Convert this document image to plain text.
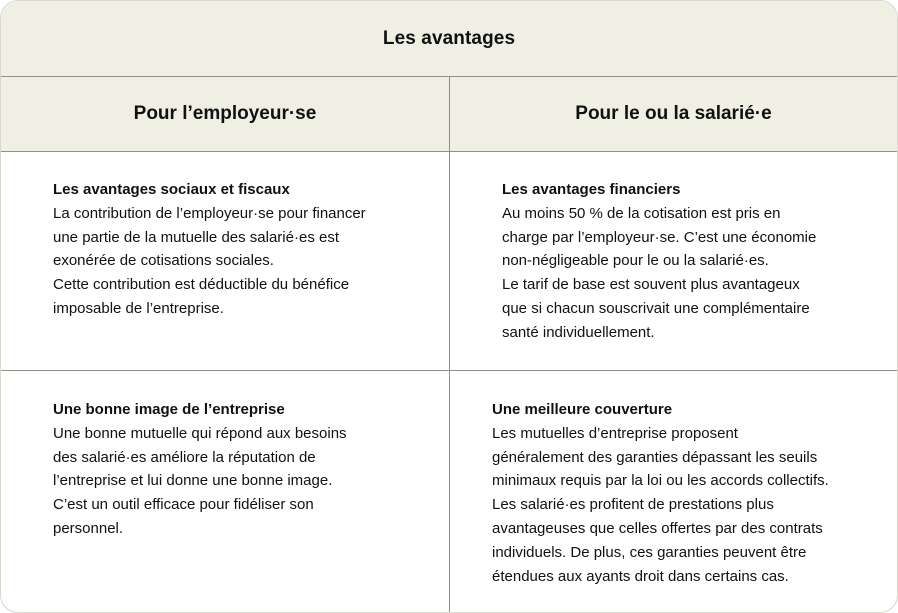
Les avantages
Pour l’employeur·se	Pour le ou la salarié·e
Les avantages sociaux et fiscaux
La contribution de l’employeur·se pour financer
une partie de la mutuelle des salarié·es est
exonérée de cotisations sociales.
Cette contribution est déductible du bénéfice
imposable de l’entreprise.
Les avantages financiers
Au moins 50 % de la cotisation est pris en
charge par l’employeur·se. C’est une économie
non-négligeable pour le ou la salarié·es.
Le tarif de base est souvent plus avantageux
que si chacun souscrivait une complémentaire
santé individuellement.
Une bonne image de l’entreprise
Une bonne mutuelle qui répond aux besoins
des salarié·es améliore la réputation de
l’entreprise et lui donne une bonne image.
C’est un outil efficace pour fidéliser son
personnel.
Une meilleure couverture
Les mutuelles d’entreprise proposent
généralement des garanties dépassant les seuils
minimaux requis par la loi ou les accords collectifs.
Les salarié·es profitent de prestations plus
avantageuses que celles offertes par des contrats
individuels. De plus, ces garanties peuvent être
étendues aux ayants droit dans certains cas.
